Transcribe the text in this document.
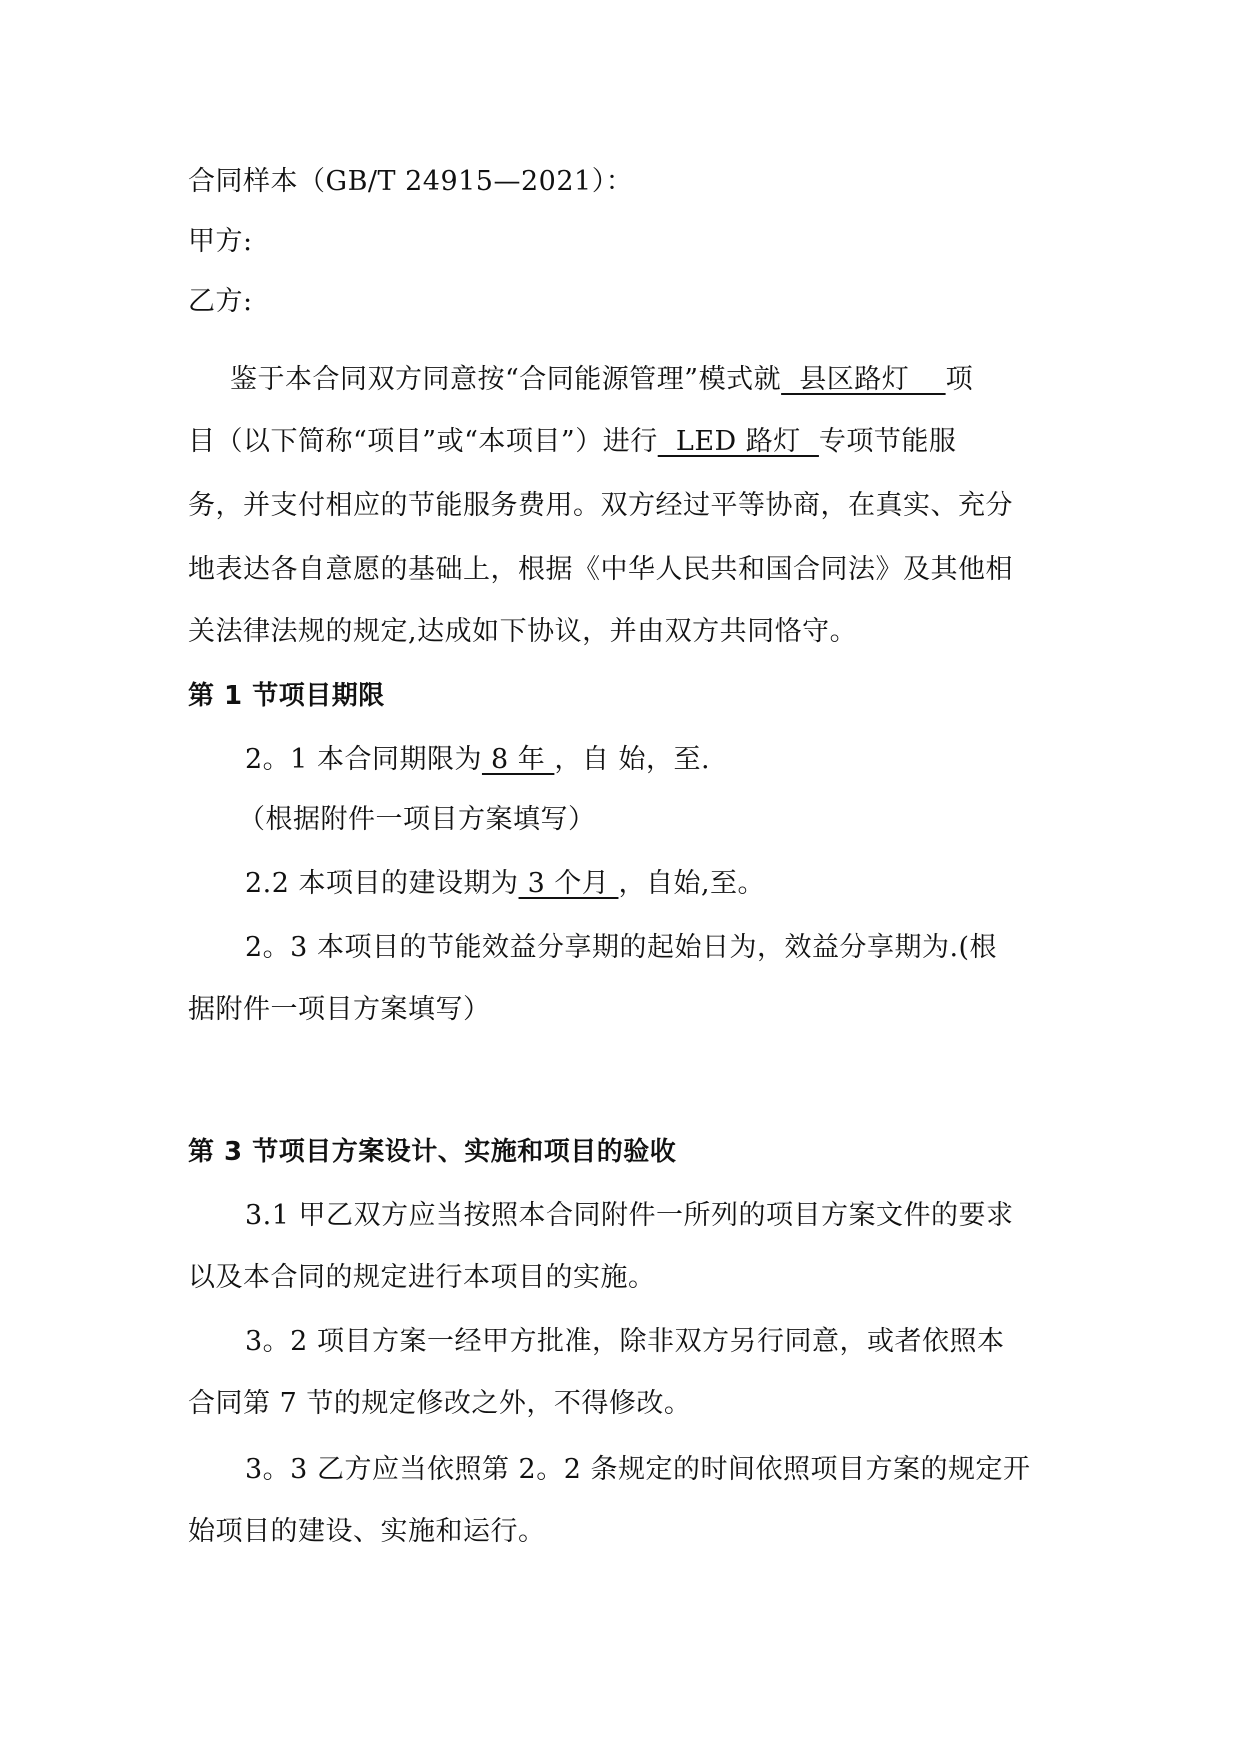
合同样本（GB/T 24915—2021）：
甲方:
乙方:
鉴于本合同双方同意按“合同能源管理”模式就  县区路灯    项
目（以下简称“项目”或“本项目”）进行  LED 路灯  专项节能服
务，并支付相应的节能服务费用。双方经过平等协商，在真实、充分
地表达各自意愿的基础上，根据《中华人民共和国合同法》及其他相
关法律法规的规定,达成如下协议，并由双方共同恪守。
第 1 节项目期限
2。1 本合同期限为 8 年 ，自 始，至.
（根据附件一项目方案填写）
2.2 本项目的建设期为 3 个月 ，自始,至。
2。3 本项目的节能效益分享期的起始日为，效益分享期为.(根
据附件一项目方案填写）
第 3 节项目方案设计、实施和项目的验收
3.1 甲乙双方应当按照本合同附件一所列的项目方案文件的要求
以及本合同的规定进行本项目的实施。
3。2 项目方案一经甲方批准，除非双方另行同意，或者依照本
合同第 7 节的规定修改之外，不得修改。
3。3 乙方应当依照第 2。2 条规定的时间依照项目方案的规定开
始项目的建设、实施和运行。
